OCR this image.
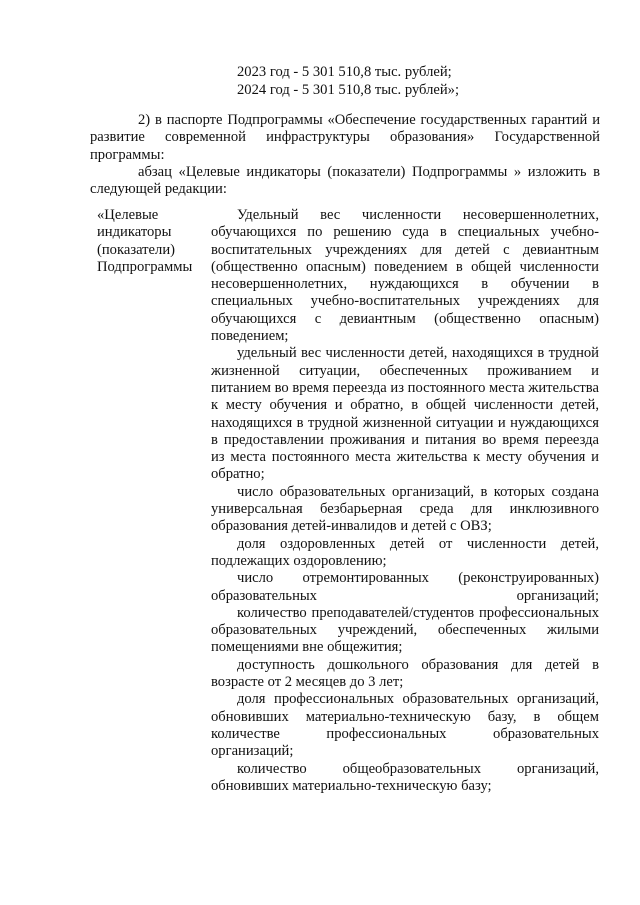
2023 год - 5 301 510,8 тыс. рублей;
2024 год - 5 301 510,8 тыс. рублей»;
2) в паспорте Подпрограммы «Обеспечение государственных гарантий и развитие современной инфраструктуры образования» Государственной программы:
абзац «Целевые индикаторы (показатели) Подпрограммы » изложить в следующей редакции:
«Целевые
индикаторы
(показатели)
Подпрограммы

Удельный вес численности несовершеннолетних, обучающихся по решению суда в специальных учебно-воспитательных учреждениях для детей с девиантным (общественно опасным) поведением в общей численности несовершеннолетних, нуждающихся в обучении в специальных учебно-воспитательных учреждениях для обучающихся с девиантным (общественно опасным) поведением;

удельный вес численности детей, находящихся в трудной жизненной ситуации, обеспеченных проживанием и питанием во время переезда из постоянного места жительства к месту обучения и обратно, в общей численности детей, находящихся в трудной жизненной ситуации и нуждающихся в предоставлении проживания и питания во время переезда из места постоянного места жительства к месту обучения и обратно;

число образовательных организаций, в которых создана универсальная безбарьерная среда для инклюзивного образования детей-инвалидов и детей с ОВЗ;

доля оздоровленных детей от численности детей, подлежащих оздоровлению;

число отремонтированных (реконструированных) образовательных организаций;

количество преподавателей/студентов профессиональных образовательных учреждений, обеспеченных жилыми помещениями вне общежития;

доступность дошкольного образования для детей в возрасте от 2 месяцев до 3 лет;

доля профессиональных образовательных организаций, обновивших материально-техническую базу, в общем количестве профессиональных образовательных организаций;

количество общеобразовательных организаций, обновивших материально-техническую базу;
